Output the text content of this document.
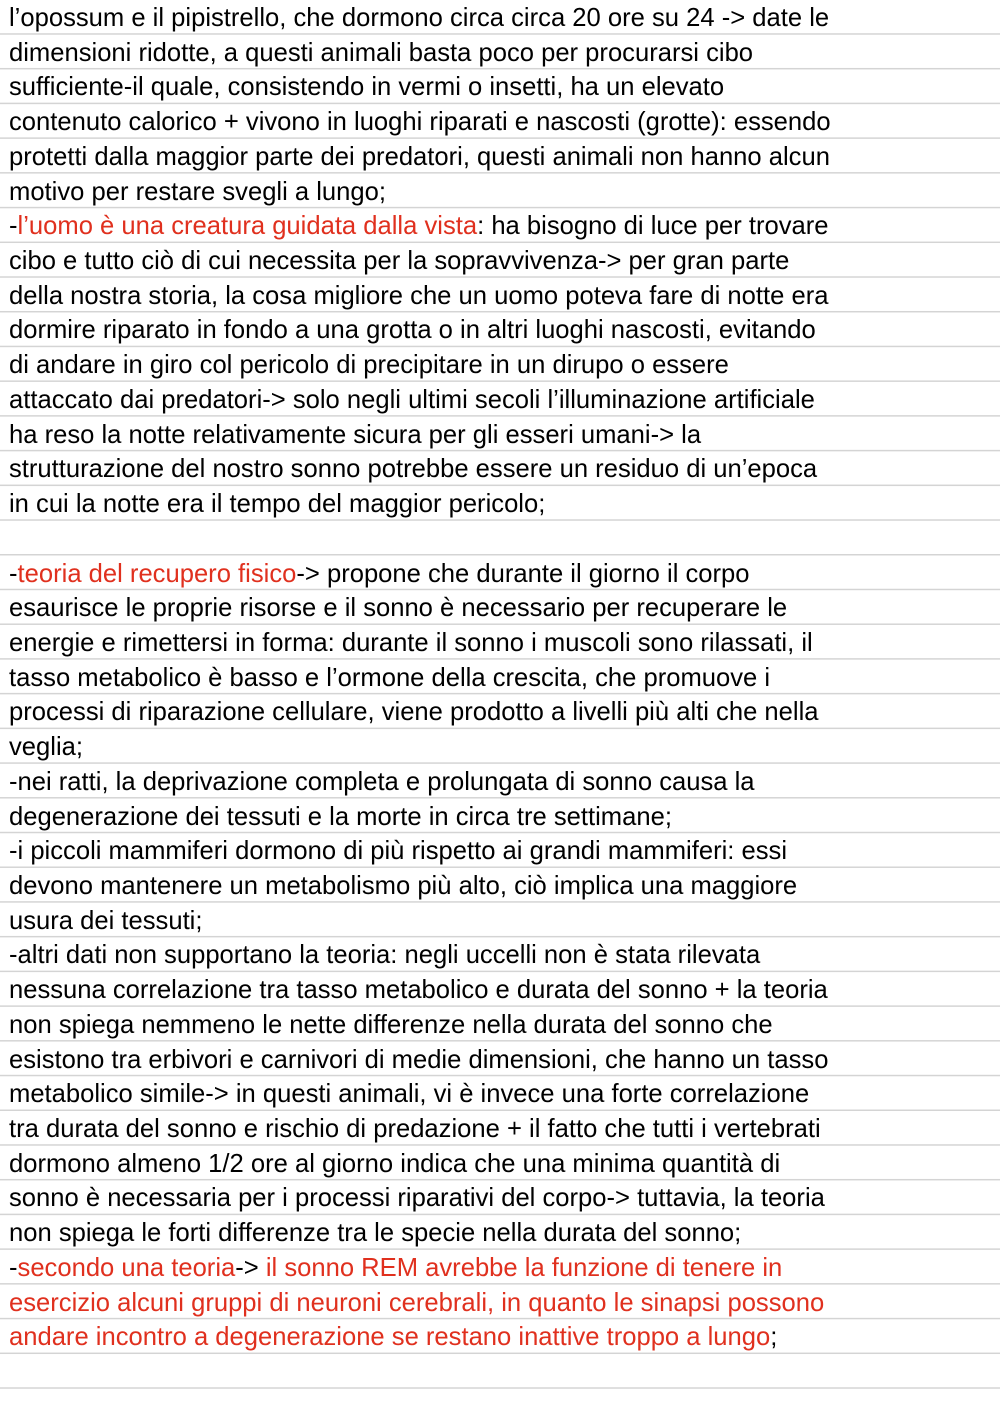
l’opossum e il pipistrello, che dormono circa circa 20 ore su 24 -> date le
dimensioni ridotte, a questi animali basta poco per procurarsi cibo
sufficiente-il quale, consistendo in vermi o insetti, ha un elevato
contenuto calorico + vivono in luoghi riparati e nascosti (grotte): essendo
protetti dalla maggior parte dei predatori, questi animali non hanno alcun
motivo per restare svegli a lungo;
-l’uomo è una creatura guidata dalla vista: ha bisogno di luce per trovare
cibo e tutto ciò di cui necessita per la sopravvivenza-> per gran parte
della nostra storia, la cosa migliore che un uomo poteva fare di notte era
dormire riparato in fondo a una grotta o in altri luoghi nascosti, evitando
di andare in giro col pericolo di precipitare in un dirupo o essere
attaccato dai predatori-> solo negli ultimi secoli l’illuminazione artificiale
ha reso la notte relativamente sicura per gli esseri umani-> la
strutturazione del nostro sonno potrebbe essere un residuo di un’epoca
in cui la notte era il tempo del maggior pericolo;
-teoria del recupero fisico-> propone che durante il giorno il corpo
esaurisce le proprie risorse e il sonno è necessario per recuperare le
energie e rimettersi in forma: durante il sonno i muscoli sono rilassati, il
tasso metabolico è basso e l’ormone della crescita, che promuove i
processi di riparazione cellulare, viene prodotto a livelli più alti che nella
veglia;
-nei ratti, la deprivazione completa e prolungata di sonno causa la
degenerazione dei tessuti e la morte in circa tre settimane;
-i piccoli mammiferi dormono di più rispetto ai grandi mammiferi: essi
devono mantenere un metabolismo più alto, ciò implica una maggiore
usura dei tessuti;
-altri dati non supportano la teoria: negli uccelli non è stata rilevata
nessuna correlazione tra tasso metabolico e durata del sonno + la teoria
non spiega nemmeno le nette differenze nella durata del sonno che
esistono tra erbivori e carnivori di medie dimensioni, che hanno un tasso
metabolico simile-> in questi animali, vi è invece una forte correlazione
tra durata del sonno e rischio di predazione + il fatto che tutti i vertebrati
dormono almeno 1/2 ore al giorno indica che una minima quantità di
sonno è necessaria per i processi riparativi del corpo-> tuttavia, la teoria
non spiega le forti differenze tra le specie nella durata del sonno;
-secondo una teoria-> il sonno REM avrebbe la funzione di tenere in
esercizio alcuni gruppi di neuroni cerebrali, in quanto le sinapsi possono
andare incontro a degenerazione se restano inattive troppo a lungo;
